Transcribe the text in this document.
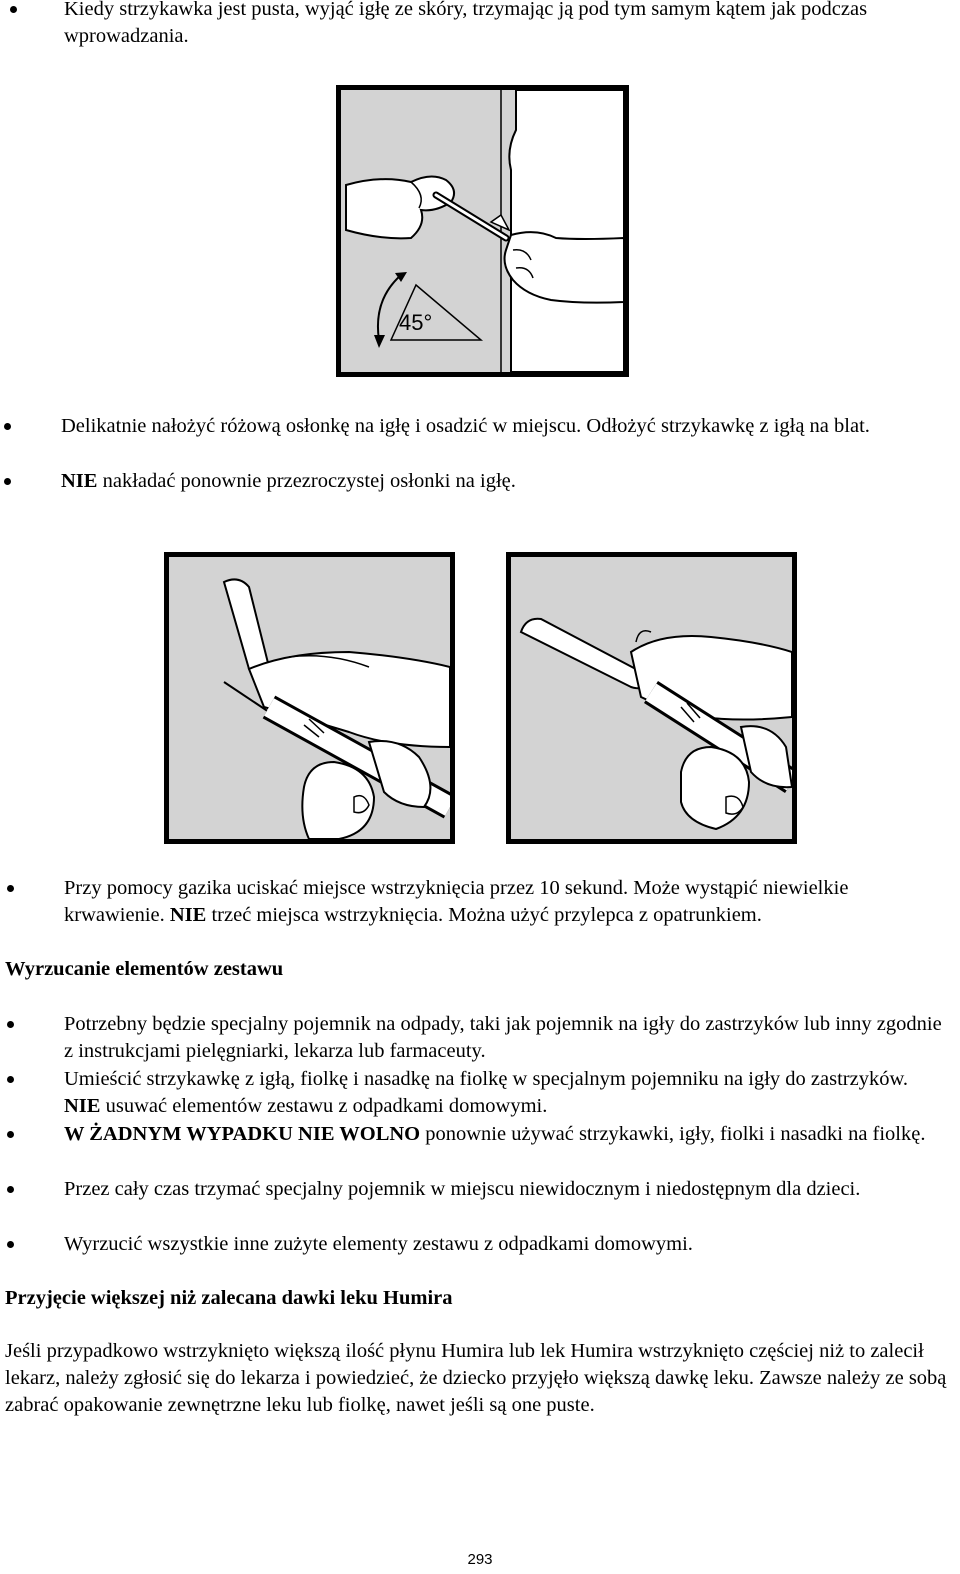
Kiedy strzykawka jest pusta, wyjąć igłę ze skóry, trzymając ją pod tym samym kątem jak podczas wprowadzania.
45°
Delikatnie nałożyć różową osłonkę na igłę i osadzić w miejscu. Odłożyć strzykawkę z igłą na blat.
NIE nakładać ponownie przezroczystej osłonki na igłę.
Przy pomocy gazika uciskać miejsce wstrzyknięcia przez 10 sekund. Może wystąpić niewielkie krwawienie. NIE trzeć miejsca wstrzyknięcia. Można użyć przylepca z opatrunkiem.
Wyrzucanie elementów zestawu
Potrzebny będzie specjalny pojemnik na odpady, taki jak pojemnik na igły do zastrzyków lub inny zgodnie z instrukcjami pielęgniarki, lekarza lub farmaceuty.
Umieścić strzykawkę z igłą, fiolkę i nasadkę na fiolkę w specjalnym pojemniku na igły do zastrzyków. NIE usuwać elementów zestawu z odpadkami domowymi.
W ŻADNYM WYPADKU NIE WOLNO ponownie używać strzykawki, igły, fiolki i nasadki na fiolkę.
Przez cały czas trzymać specjalny pojemnik w miejscu niewidocznym i niedostępnym dla dzieci.
Wyrzucić wszystkie inne zużyte elementy zestawu z odpadkami domowymi.
Przyjęcie większej niż zalecana dawki leku Humira
Jeśli przypadkowo wstrzyknięto większą ilość płynu Humira lub lek Humira wstrzyknięto częściej niż to zalecił lekarz, należy zgłosić się do lekarza i powiedzieć, że dziecko przyjęło większą dawkę leku. Zawsze należy ze sobą zabrać opakowanie zewnętrzne leku lub fiolkę, nawet jeśli są one puste.
293
